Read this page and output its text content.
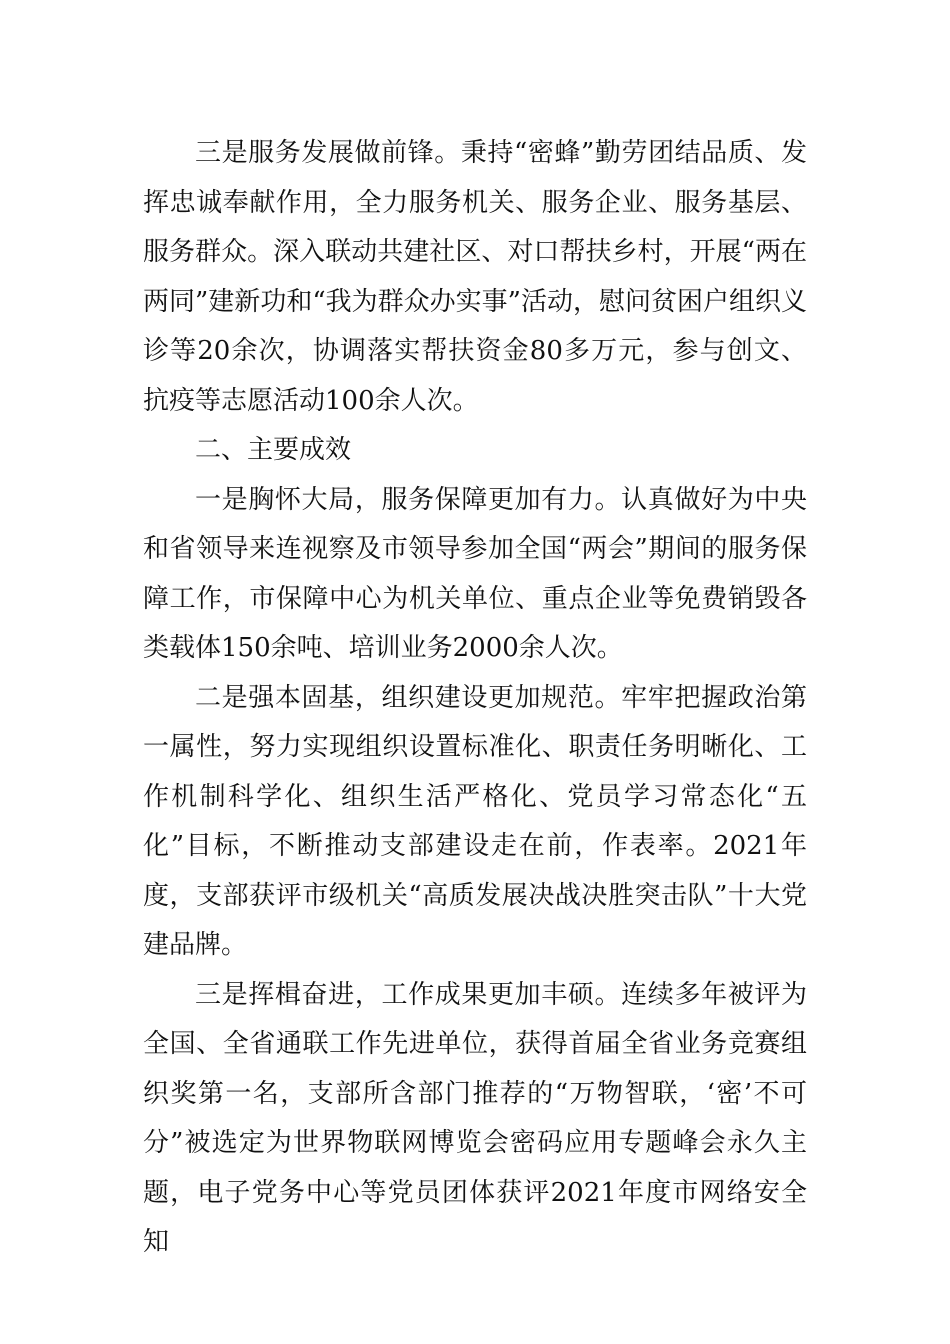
三是服务发展做前锋。秉持“密蜂”勤劳团结品质、发挥忠诚奉献作用，全力服务机关、服务企业、服务基层、服务群众。深入联动共建社区、对口帮扶乡村，开展“两在两同”建新功和“我为群众办实事”活动，慰问贫困户组织义诊等20余次，协调落实帮扶资金80多万元，参与创文、抗疫等志愿活动100余人次。

二、主要成效

一是胸怀大局，服务保障更加有力。认真做好为中央和省领导来连视察及市领导参加全国“两会”期间的服务保障工作，市保障中心为机关单位、重点企业等免费销毁各类载体150余吨、培训业务2000余人次。

二是强本固基，组织建设更加规范。牢牢把握政治第一属性，努力实现组织设置标准化、职责任务明晰化、工作机制科学化、组织生活严格化、党员学习常态化“五化”目标，不断推动支部建设走在前，作表率。2021年度，支部获评市级机关“高质发展决战决胜突击队”十大党建品牌。

三是挥楫奋进，工作成果更加丰硕。连续多年被评为全国、全省通联工作先进单位，获得首届全省业务竞赛组织奖第一名，支部所含部门推荐的“万物智联，‘密’不可分”被选定为世界物联网博览会密码应用专题峰会永久主题，电子党务中心等党员团体获评2021年度市网络安全知
